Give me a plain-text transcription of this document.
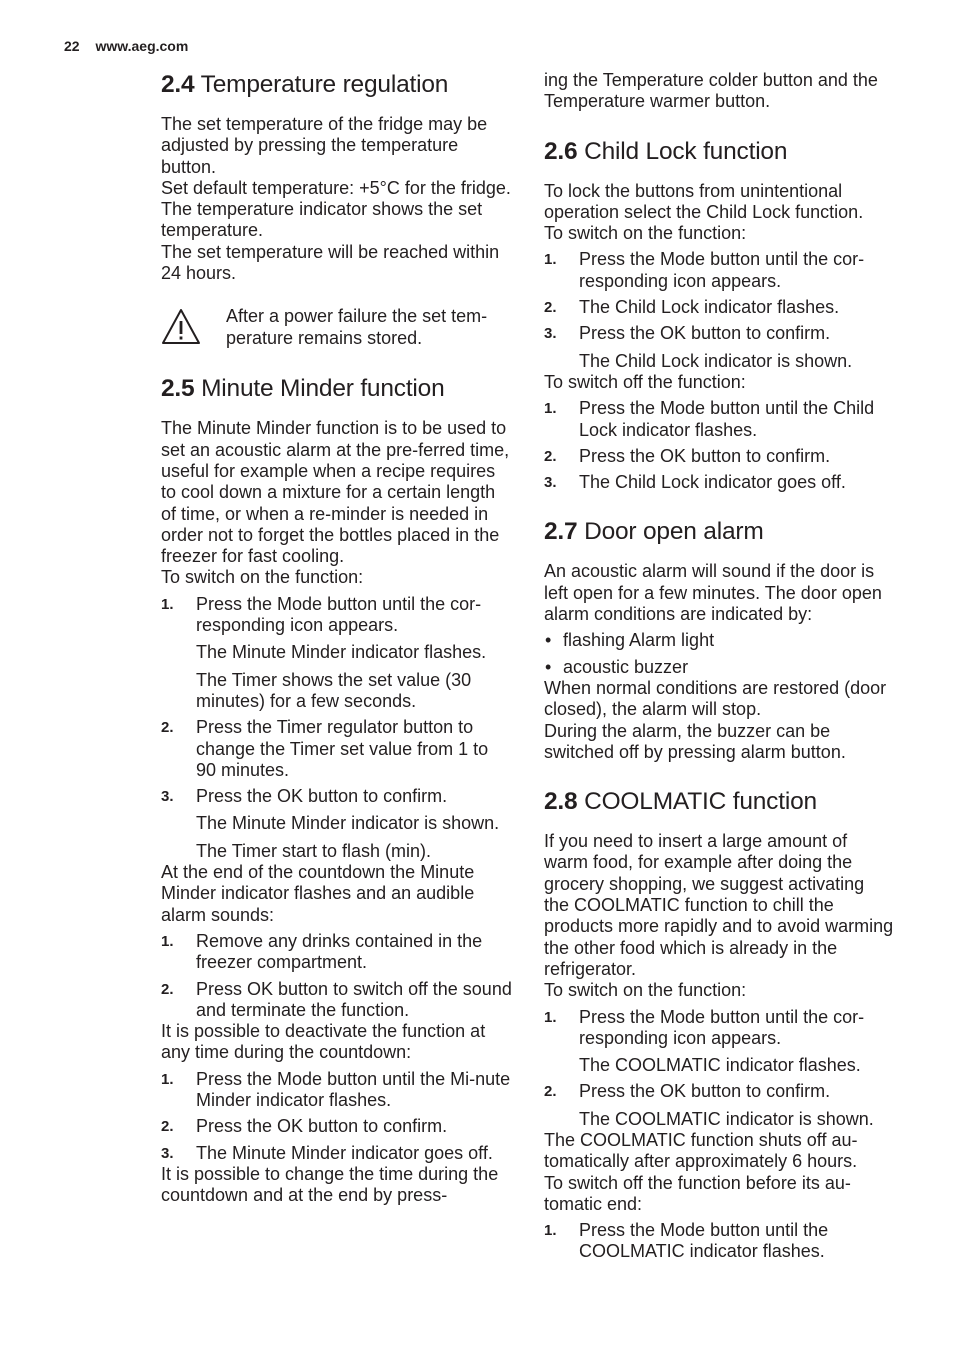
22 www.aeg.com
2.4 Temperature regulation

The set temperature of the fridge may be adjusted by pressing the temperature button.

Set default temperature: +5°C for the fridge.

The temperature indicator shows the set temperature.

The set temperature will be reached within 24 hours.

After a power failure the set tem-perature remains stored.

2.5 Minute Minder function

The Minute Minder function is to be used to set an acoustic alarm at the pre-ferred time, useful for example when a recipe requires to cool down a mixture for a certain length of time, or when a re-minder is needed in order not to forget the bottles placed in the freezer for fast cooling.

To switch on the function:

1. Press the Mode button until the cor-responding icon appears.

The Minute Minder indicator flashes.

The Timer shows the set value (30 minutes) for a few seconds.

2. Press the Timer regulator button to change the Timer set value from 1 to 90 minutes.
3. Press the OK button to confirm.

The Minute Minder indicator is shown.

The Timer start to flash (min).

At the end of the countdown the Minute Minder indicator flashes and an audible alarm sounds:

1. Remove any drinks contained in the freezer compartment.
2. Press OK button to switch off the sound and terminate the function.

It is possible to deactivate the function at any time during the countdown:

1. Press the Mode button until the Mi-nute Minder indicator flashes.
2. Press the OK button to confirm.
3. The Minute Minder indicator goes off.

It is possible to change the time during the countdown and at the end by press-

ing the Temperature colder button and the Temperature warmer button.

2.6 Child Lock function

To lock the buttons from unintentional operation select the Child Lock function.

To switch on the function:

1. Press the Mode button until the cor-responding icon appears.
2. The Child Lock indicator flashes.
3. Press the OK button to confirm.

The Child Lock indicator is shown.

To switch off the function:

1. Press the Mode button until the Child Lock indicator flashes.
2. Press the OK button to confirm.
3. The Child Lock indicator goes off.
2.7 Door open alarm

An acoustic alarm will sound if the door is left open for a few minutes. The door open alarm conditions are indicated by:

• flashing Alarm light
• acoustic buzzer

When normal conditions are restored (door closed), the alarm will stop.

During the alarm, the buzzer can be switched off by pressing alarm button.

2.8 COOLMATIC function

If you need to insert a large amount of warm food, for example after doing the grocery shopping, we suggest activating the COOLMATIC function to chill the products more rapidly and to avoid warming the other food which is already in the refrigerator.

To switch on the function:

1. Press the Mode button until the cor-responding icon appears.

The COOLMATIC indicator flashes.

2. Press the OK button to confirm.

The COOLMATIC indicator is shown.

The COOLMATIC function shuts off au-tomatically after approximately 6 hours.

To switch off the function before its au-tomatic end:

1. Press the Mode button until the COOLMATIC indicator flashes.
